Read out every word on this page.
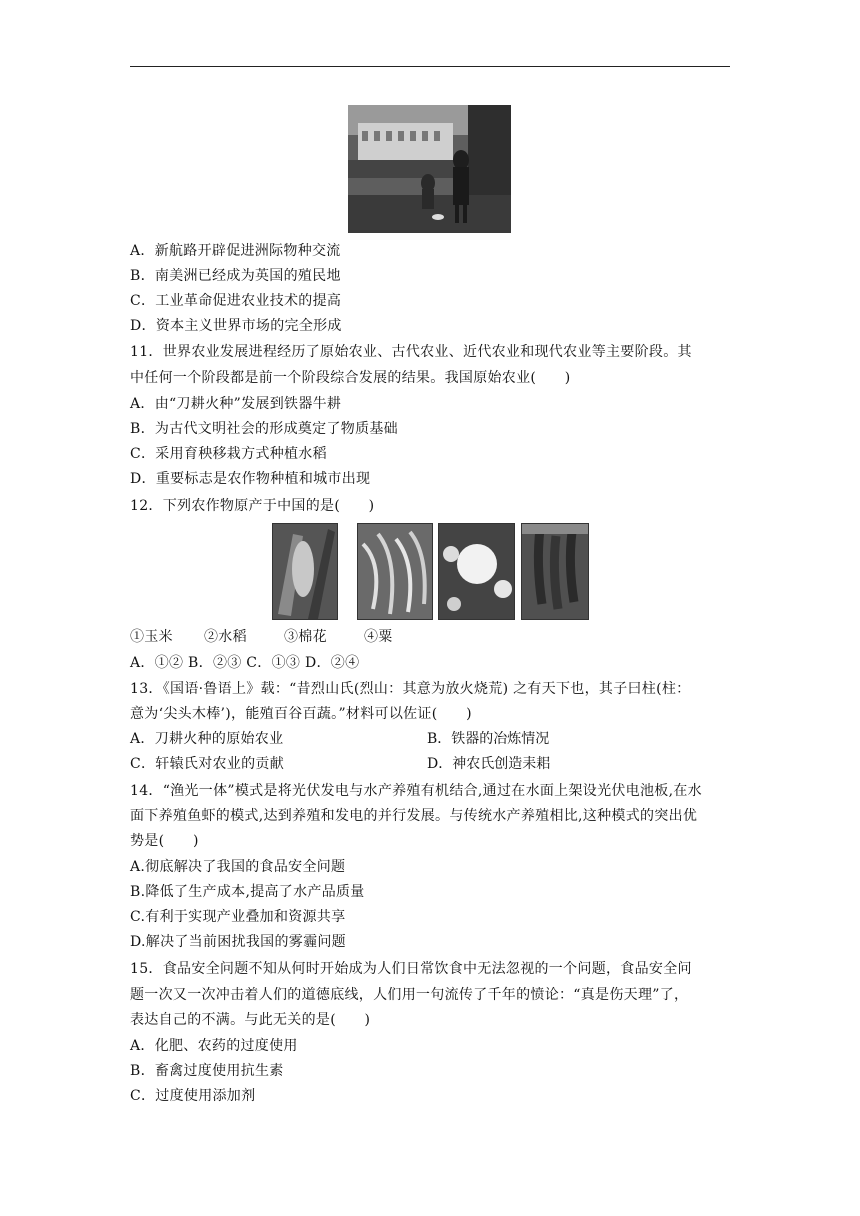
A．新航路开辟促进洲际物种交流
B．南美洲已经成为英国的殖民地
C．工业革命促进农业技术的提高
D．资本主义世界市场的完全形成
11．世界农业发展进程经历了原始农业、古代农业、近代农业和现代农业等主要阶段。其
中任何一个阶段都是前一个阶段综合发展的结果。我国原始农业(　　)
A．由“刀耕火种”发展到铁器牛耕
B．为古代文明社会的形成奠定了物质基础
C．采用育秧移栽方式种植水稻
D．重要标志是农作物种植和城市出现
12．下列农作物原产于中国的是(　　)
①玉米 ②水稻	③棉花	④粟
A．①② B．②③ C．①③ D．②④
13．《国语·鲁语上》载：“昔烈山氏(烈山：其意为放火烧荒) 之有天下也，其子曰柱(柱：
意为‘尖头木棒’)，能殖百谷百蔬。”材料可以佐证(　　)
A．刀耕火种的原始农业	B．铁器的冶炼情况
C．轩辕氏对农业的贡献	D．神农氏创造耒耜
14．“渔光一体”模式是将光伏发电与水产养殖有机结合,通过在水面上架设光伏电池板,在水
面下养殖鱼虾的模式,达到养殖和发电的并行发展。与传统水产养殖相比,这种模式的突出优
势是(　　)
A.彻底解决了我国的食品安全问题
B.降低了生产成本,提高了水产品质量
C.有利于实现产业叠加和资源共享
D.解决了当前困扰我国的雾霾问题
15．食品安全问题不知从何时开始成为人们日常饮食中无法忽视的一个问题，食品安全问
题一次又一次冲击着人们的道德底线，人们用一句流传了千年的愤论：“真是伤天理”了，
表达自己的不满。与此无关的是(　　)
A．化肥、农药的过度使用
B．畜禽过度使用抗生素
C．过度使用添加剂
